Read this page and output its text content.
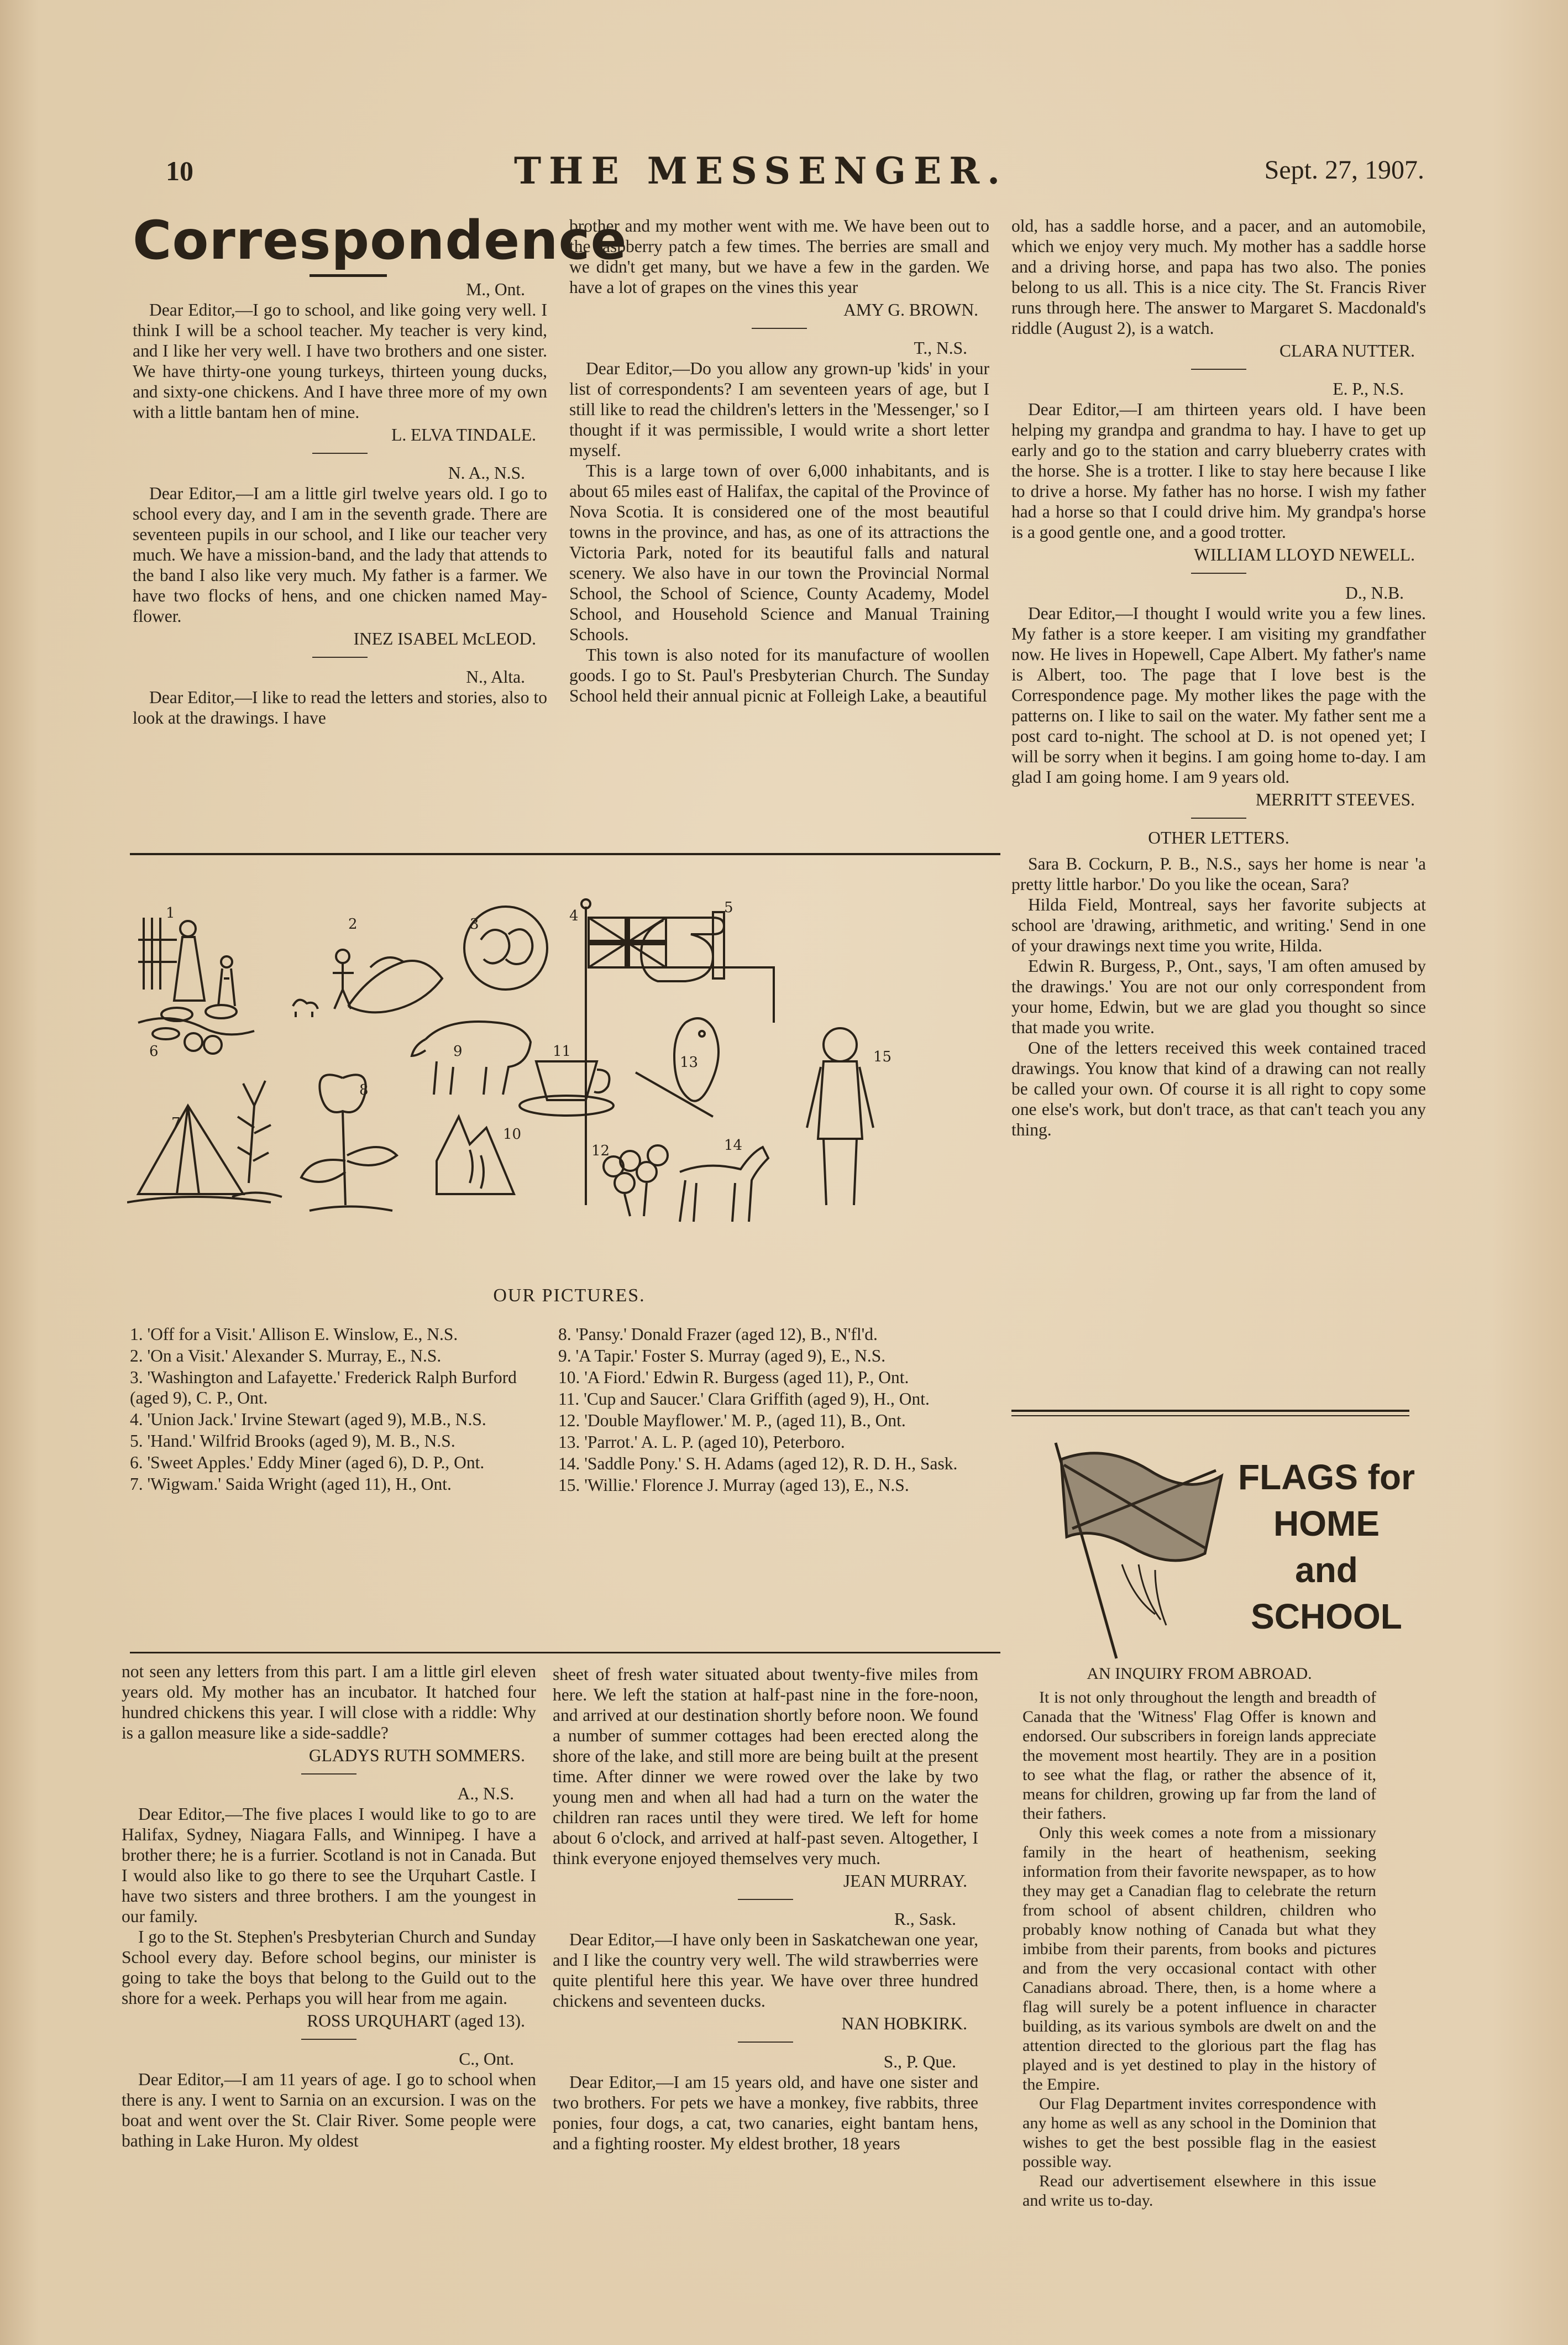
10	THE MESSENGER.	Sept. 27, 1907.
Correspondence
M., Ont.

Dear Editor,—I go to school, and like going very well. I think I will be a school teacher. My teacher is very kind, and I like her very well. I have two brothers and one sister. We have thirty-one young turkeys, thirteen young ducks, and sixty-one chickens. And I have three more of my own with a little bantam hen of mine.

L. ELVA TINDALE.
N. A., N.S.

Dear Editor,—I am a little girl twelve years old. I go to school every day, and I am in the seventh grade. There are seventeen pupils in our school, and I like our teacher very much. We have a mission-band, and the lady that attends to the band I also like very much. My father is a farmer. We have two flocks of hens, and one chicken named May-flower.

INEZ ISABEL McLEOD.
N., Alta.

Dear Editor,—I like to read the letters and stories, also to look at the drawings. I have

brother and my mother went with me. We have been out to the raspberry patch a few times. The berries are small and we didn't get many, but we have a few in the garden. We have a lot of grapes on the vines this year

AMY G. BROWN.
T., N.S.

Dear Editor,—Do you allow any grown-up 'kids' in your list of correspondents? I am seventeen years of age, but I still like to read the children's letters in the 'Messenger,' so I thought if it was permissible, I would write a short letter myself.

This is a large town of over 6,000 inhabitants, and is about 65 miles east of Halifax, the capital of the Province of Nova Scotia. It is considered one of the most beautiful towns in the province, and has, as one of its attractions the Victoria Park, noted for its beautiful falls and natural scenery. We also have in our town the Provincial Normal School, the School of Science, County Academy, Model School, and Household Science and Manual Training Schools.

This town is also noted for its manufacture of woollen goods. I go to St. Paul's Presbyterian Church. The Sunday School held their annual picnic at Folleigh Lake, a beautiful

old, has a saddle horse, and a pacer, and an automobile, which we enjoy very much. My mother has a saddle horse and a driving horse, and papa has two also. The ponies belong to us all. This is a nice city. The St. Francis River runs through here. The answer to Margaret S. Macdonald's riddle (August 2), is a watch.

CLARA NUTTER.
E. P., N.S.

Dear Editor,—I am thirteen years old. I have been helping my grandpa and grandma to hay. I have to get up early and go to the station and carry blueberry crates with the horse. She is a trotter. I like to stay here because I like to drive a horse. My father has no horse. I wish my father had a horse so that I could drive him. My grandpa's horse is a good gentle one, and a good trotter.

WILLIAM LLOYD NEWELL.
D., N.B.

Dear Editor,—I thought I would write you a few lines. My father is a store keeper. I am visiting my grandfather now. He lives in Hopewell, Cape Albert. My father's name is Albert, too. The page that I love best is the Correspondence page. My mother likes the page with the patterns on. I like to sail on the water. My father sent me a post card to-night. The school at D. is not opened yet; I will be sorry when it begins. I am going home to-day. I am glad I am going home. I am 9 years old.

MERRITT STEEVES.

OTHER LETTERS.

Sara B. Cockurn, P. B., N.S., says her home is near 'a pretty little harbor.' Do you like the ocean, Sara?

Hilda Field, Montreal, says her favorite subjects at school are 'drawing, arithmetic, and writing.' Send in one of your drawings next time you write, Hilda.

Edwin R. Burgess, P., Ont., says, 'I am often amused by the drawings.' You are not our only correspondent from your home, Edwin, but we are glad you thought so since that made you write.

One of the letters received this week contained traced drawings. You know that kind of a drawing can not really be called your own. Of course it is all right to copy some one else's work, but don't trace, as that can't teach you any thing.

1
2	3	4	5
6
7
8
9
10
11
12
13
14
15
OUR PICTURES.
1. 'Off for a Visit.' Allison E. Winslow, E., N.S.
2. 'On a Visit.' Alexander S. Murray, E., N.S.
3. 'Washington and Lafayette.' Frederick Ralph Burford (aged 9), C. P., Ont.
4. 'Union Jack.' Irvine Stewart (aged 9), M.B., N.S.
5. 'Hand.' Wilfrid Brooks (aged 9), M. B., N.S.
6. 'Sweet Apples.' Eddy Miner (aged 6), D. P., Ont.
7. 'Wigwam.' Saida Wright (aged 11), H., Ont.
8. 'Pansy.' Donald Frazer (aged 12), B., N'fl'd.
9. 'A Tapir.' Foster S. Murray (aged 9), E., N.S.
10. 'A Fiord.' Edwin R. Burgess (aged 11), P., Ont.
11. 'Cup and Saucer.' Clara Griffith (aged 9), H., Ont.
12. 'Double Mayflower.' M. P., (aged 11), B., Ont.
13. 'Parrot.' A. L. P. (aged 10), Peterboro.
14. 'Saddle Pony.' S. H. Adams (aged 12), R. D. H., Sask.
15. 'Willie.' Florence J. Murray (aged 13), E., N.S.

not seen any letters from this part. I am a little girl eleven years old. My mother has an incubator. It hatched four hundred chickens this year. I will close with a riddle: Why is a gallon measure like a side-saddle?

GLADYS RUTH SOMMERS.
A., N.S.

Dear Editor,—The five places I would like to go to are Halifax, Sydney, Niagara Falls, and Winnipeg. I have a brother there; he is a furrier. Scotland is not in Canada. But I would also like to go there to see the Urquhart Castle. I have two sisters and three brothers. I am the youngest in our family.

I go to the St. Stephen's Presbyterian Church and Sunday School every day. Before school begins, our minister is going to take the boys that belong to the Guild out to the shore for a week. Perhaps you will hear from me again.

ROSS URQUHART (aged 13).
C., Ont.

Dear Editor,—I am 11 years of age. I go to school when there is any. I went to Sarnia on an excursion. I was on the boat and went over the St. Clair River. Some people were bathing in Lake Huron. My oldest

sheet of fresh water situated about twenty-five miles from here. We left the station at half-past nine in the fore-noon, and arrived at our destination shortly before noon. We found a number of summer cottages had been erected along the shore of the lake, and still more are being built at the present time. After dinner we were rowed over the lake by two young men and when all had had a turn on the water the children ran races until they were tired. We left for home about 6 o'clock, and arrived at half-past seven. Altogether, I think everyone enjoyed themselves very much.

JEAN MURRAY.
R., Sask.

Dear Editor,—I have only been in Saskatchewan one year, and I like the country very well. The wild strawberries were quite plentiful here this year. We have over three hundred chickens and seventeen ducks.

NAN HOBKIRK.
S., P. Que.

Dear Editor,—I am 15 years old, and have one sister and two brothers. For pets we have a monkey, five rabbits, three ponies, four dogs, a cat, two canaries, eight bantam hens, and a fighting rooster. My eldest brother, 18 years

FLAGS for
HOME
and
SCHOOL

AN INQUIRY FROM ABROAD.

It is not only throughout the length and breadth of Canada that the 'Witness' Flag Offer is known and endorsed. Our subscribers in foreign lands appreciate the movement most heartily. They are in a position to see what the flag, or rather the absence of it, means for children, growing up far from the land of their fathers.

Only this week comes a note from a missionary family in the heart of heathenism, seeking information from their favorite newspaper, as to how they may get a Canadian flag to celebrate the return from school of absent children, children who probably know nothing of Canada but what they imbibe from their parents, from books and pictures and from the very occasional contact with other Canadians abroad. There, then, is a home where a flag will surely be a potent influence in character building, as its various symbols are dwelt on and the attention directed to the glorious part the flag has played and is yet destined to play in the history of the Empire.

Our Flag Department invites correspondence with any home as well as any school in the Dominion that wishes to get the best possible flag in the easiest possible way.

Read our advertisement elsewhere in this issue and write us to-day.
